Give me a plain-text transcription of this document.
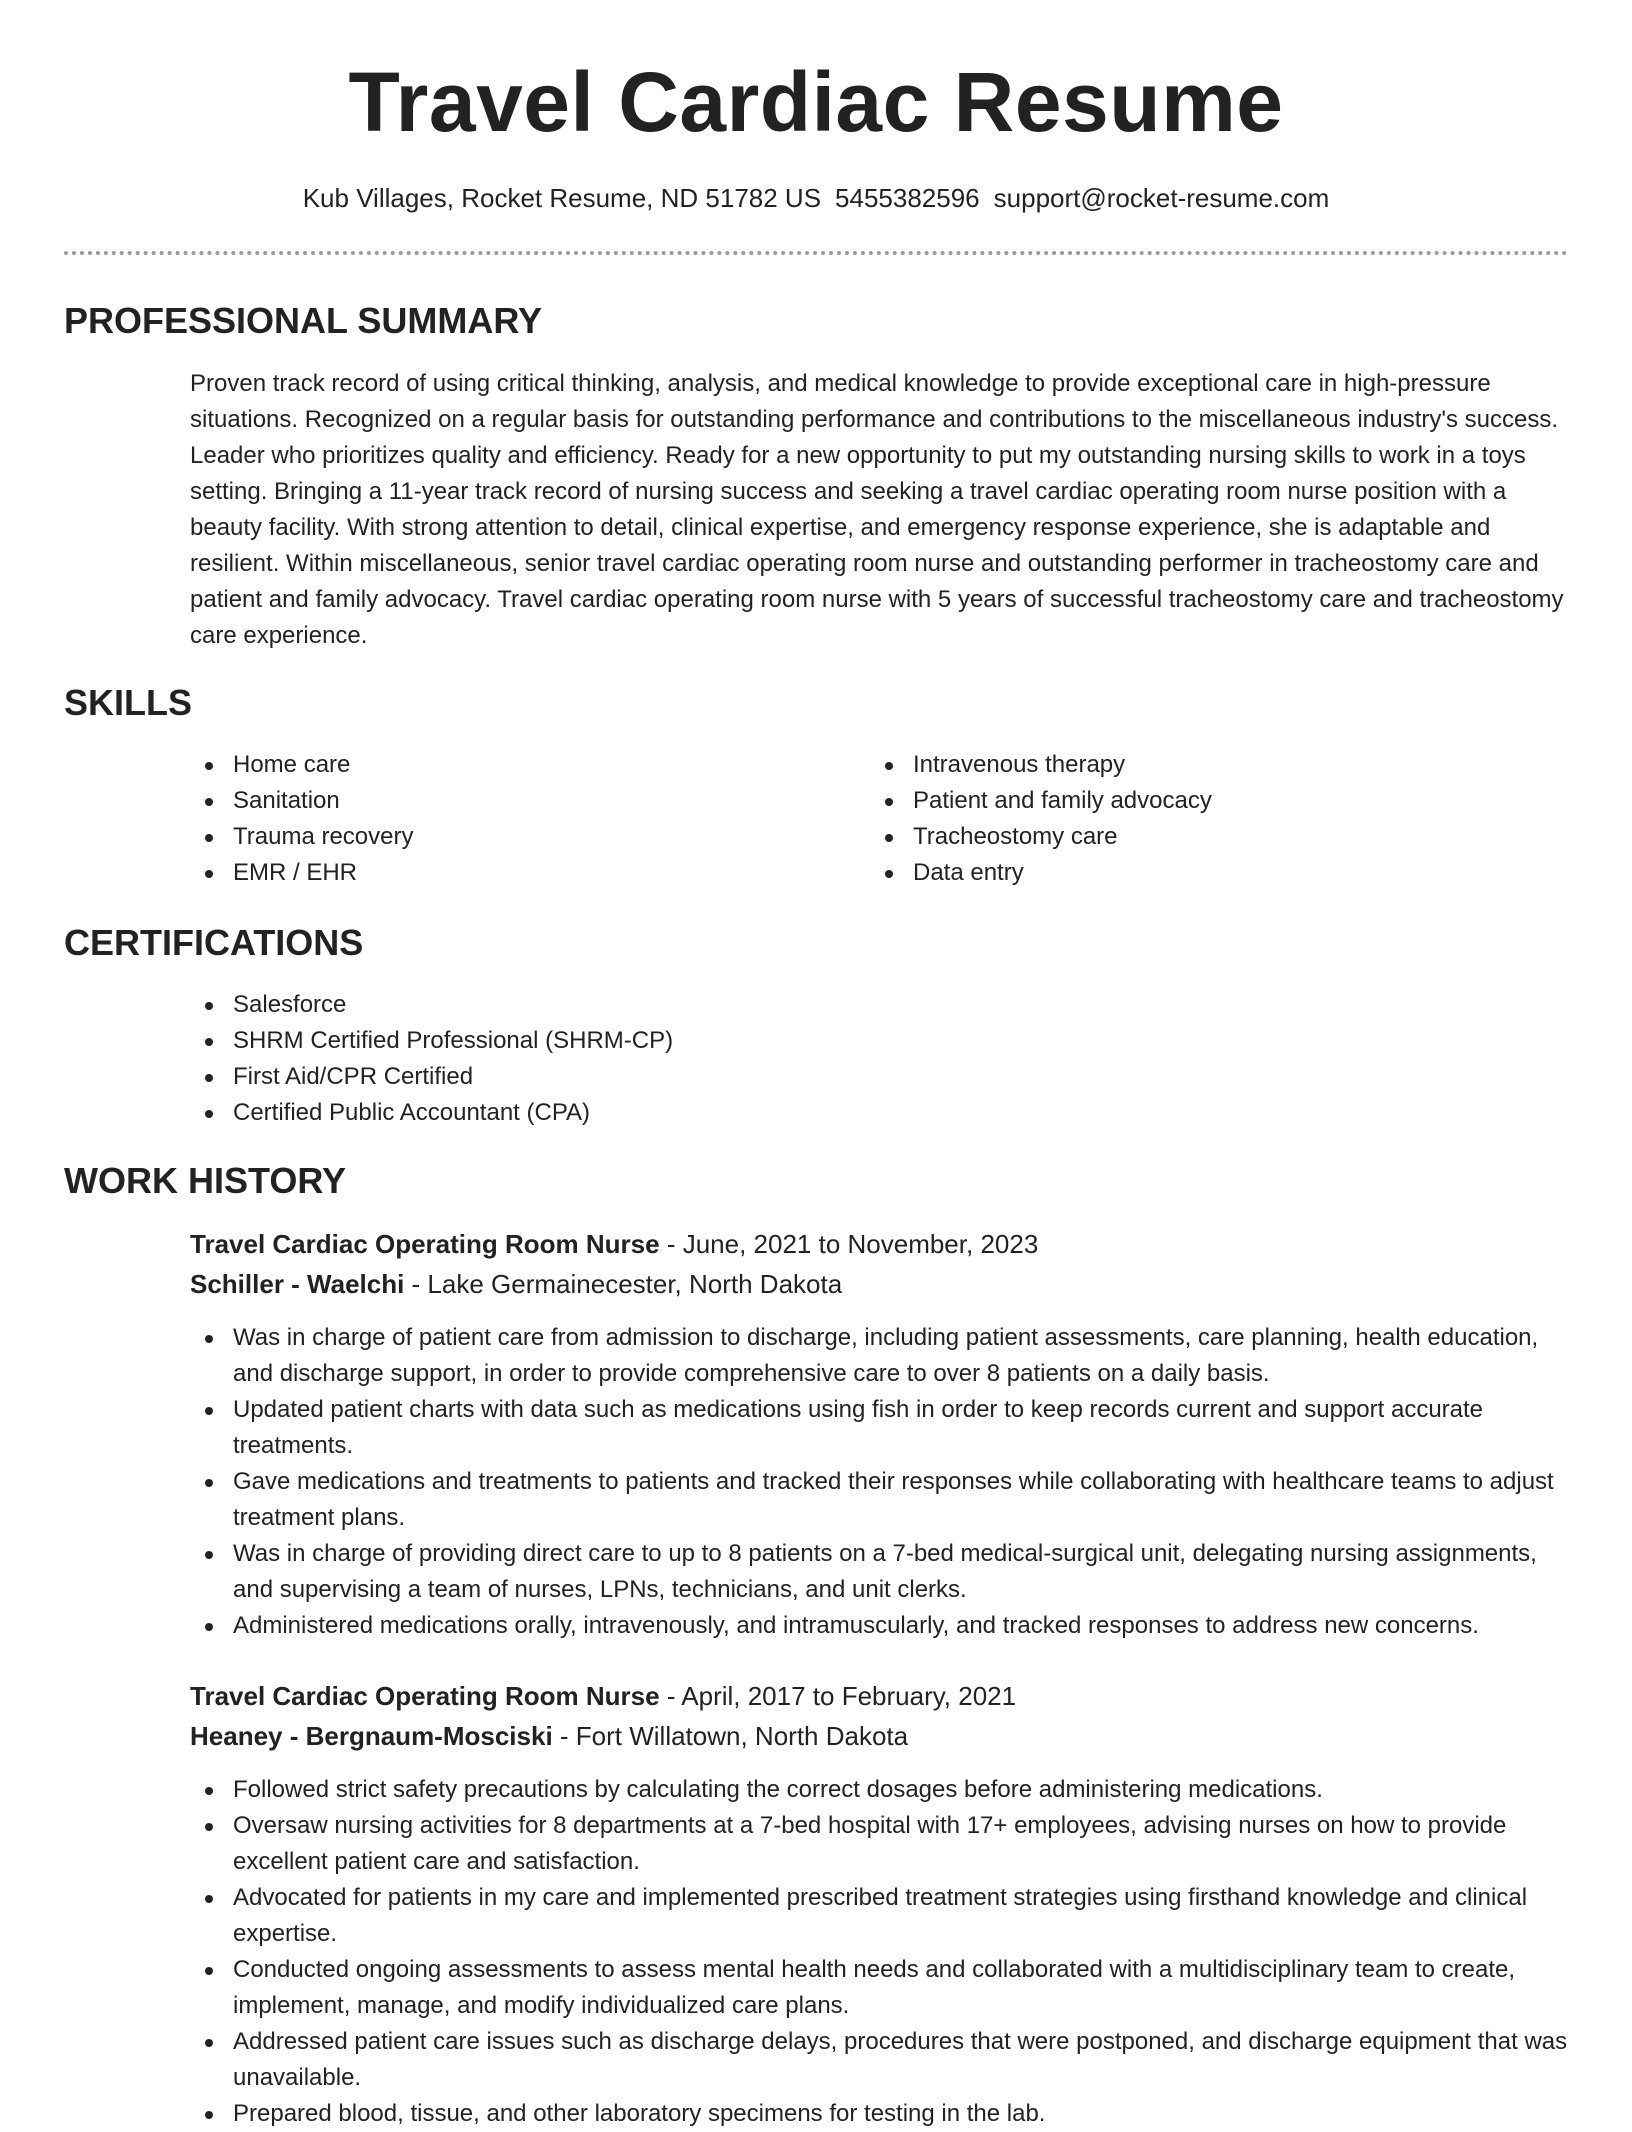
Travel Cardiac Resume
Kub Villages, Rocket Resume, ND 51782 US 5455382596 support@rocket-resume.com
PROFESSIONAL SUMMARY

Proven track record of using critical thinking, analysis, and medical knowledge to provide exceptional care in high-pressure situations. Recognized on a regular basis for outstanding performance and contributions to the miscellaneous industry's success. Leader who prioritizes quality and efficiency. Ready for a new opportunity to put my outstanding nursing skills to work in a toys setting. Bringing a 11-year track record of nursing success and seeking a travel cardiac operating room nurse position with a beauty facility. With strong attention to detail, clinical expertise, and emergency response experience, she is adaptable and resilient. Within miscellaneous, senior travel cardiac operating room nurse and outstanding performer in tracheostomy care and patient and family advocacy. Travel cardiac operating room nurse with 5 years of successful tracheostomy care and tracheostomy care experience.

SKILLS
Home care
Sanitation
Trauma recovery
EMR / EHR
Intravenous therapy
Patient and family advocacy
Tracheostomy care
Data entry
CERTIFICATIONS
Salesforce
SHRM Certified Professional (SHRM-CP)
First Aid/CPR Certified
Certified Public Accountant (CPA)
WORK HISTORY
Travel Cardiac Operating Room Nurse - June, 2021 to November, 2023
Schiller - Waelchi - Lake Germainecester, North Dakota
Was in charge of patient care from admission to discharge, including patient assessments, care planning, health education, and discharge support, in order to provide comprehensive care to over 8 patients on a daily basis.
Updated patient charts with data such as medications using fish in order to keep records current and support accurate treatments.
Gave medications and treatments to patients and tracked their responses while collaborating with healthcare teams to adjust treatment plans.
Was in charge of providing direct care to up to 8 patients on a 7-bed medical-surgical unit, delegating nursing assignments, and supervising a team of nurses, LPNs, technicians, and unit clerks.
Administered medications orally, intravenously, and intramuscularly, and tracked responses to address new concerns.
Travel Cardiac Operating Room Nurse - April, 2017 to February, 2021
Heaney - Bergnaum-Mosciski - Fort Willatown, North Dakota
Followed strict safety precautions by calculating the correct dosages before administering medications.
Oversaw nursing activities for 8 departments at a 7-bed hospital with 17+ employees, advising nurses on how to provide excellent patient care and satisfaction.
Advocated for patients in my care and implemented prescribed treatment strategies using firsthand knowledge and clinical expertise.
Conducted ongoing assessments to assess mental health needs and collaborated with a multidisciplinary team to create, implement, manage, and modify individualized care plans.
Addressed patient care issues such as discharge delays, procedures that were postponed, and discharge equipment that was unavailable.
Prepared blood, tissue, and other laboratory specimens for testing in the lab.
